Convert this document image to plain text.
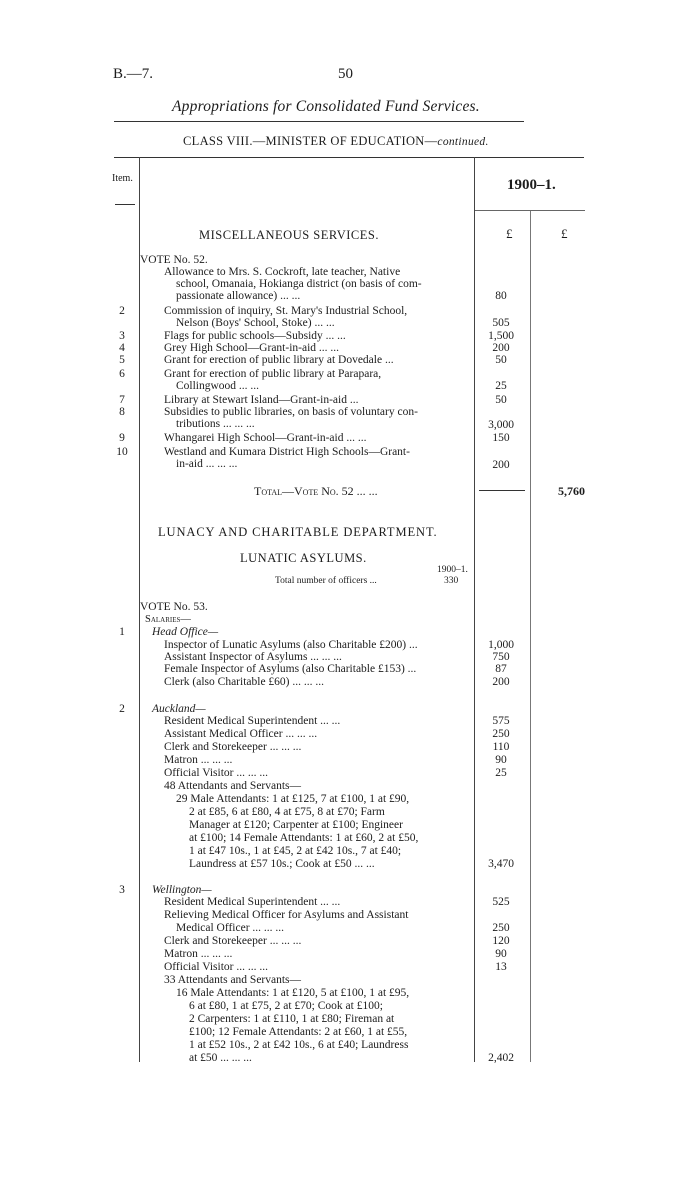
B.—7.	50
Appropriations for Consolidated Fund Services.
CLASS VIII.—MINISTER OF EDUCATION—continued.
Item.	1900–1.
MISCELLANEOUS SERVICES.	£	£
VOTE No. 52.
Allowance to Mrs. S. Cockroft, late teacher, Native
school, Omanaia, Hokianga district (on basis of com-
passionate allowance) ... ...	80
2	Commission of inquiry, St. Mary's Industrial School,
Nelson (Boys' School, Stoke) ... ...	505
3	Flags for public schools—Subsidy ... ...	1,500
4	Grey High School—Grant-in-aid ... ...	200
5	Grant for erection of public library at Dovedale ...	50
6	Grant for erection of public library at Parapara,
Collingwood ... ...	25
7	Library at Stewart Island—Grant-in-aid ...	50
8	Subsidies to public libraries, on basis of voluntary con-
tributions ... ... ...	3,000
9	Whangarei High School—Grant-in-aid ... ...	150
10	Westland and Kumara District High Schools—Grant-
in-aid ... ... ...	200
Total—Vote No. 52 ... ...	5,760
LUNACY AND CHARITABLE DEPARTMENT.
LUNATIC ASYLUMS.
1900–1.
Total number of officers ...	330
VOTE No. 53.
Salaries—
1	Head Office—
Inspector of Lunatic Asylums (also Charitable £200) ...	1,000
Assistant Inspector of Asylums ... ... ...	750
Female Inspector of Asylums (also Charitable £153) ...	87
Clerk (also Charitable £60) ... ... ...	200
2	Auckland—
Resident Medical Superintendent ... ...	575
Assistant Medical Officer ... ... ...	250
Clerk and Storekeeper ... ... ...	110
Matron ... ... ...	90
Official Visitor ... ... ...	25
48 Attendants and Servants—
29 Male Attendants: 1 at £125, 7 at £100, 1 at £90,
2 at £85, 6 at £80, 4 at £75, 8 at £70; Farm
Manager at £120; Carpenter at £100; Engineer
at £100; 14 Female Attendants: 1 at £60, 2 at £50,
1 at £47 10s., 1 at £45, 2 at £42 10s., 7 at £40;
Laundress at £57 10s.; Cook at £50 ... ...	3,470
3	Wellington—
Resident Medical Superintendent ... ...	525
Relieving Medical Officer for Asylums and Assistant
Medical Officer ... ... ...	250
Clerk and Storekeeper ... ... ...	120
Matron ... ... ...	90
Official Visitor ... ... ...	13
33 Attendants and Servants—
16 Male Attendants: 1 at £120, 5 at £100, 1 at £95,
6 at £80, 1 at £75, 2 at £70; Cook at £100;
2 Carpenters: 1 at £110, 1 at £80; Fireman at
£100; 12 Female Attendants: 2 at £60, 1 at £55,
1 at £52 10s., 2 at £42 10s., 6 at £40; Laundress
at £50 ... ... ...	2,402
